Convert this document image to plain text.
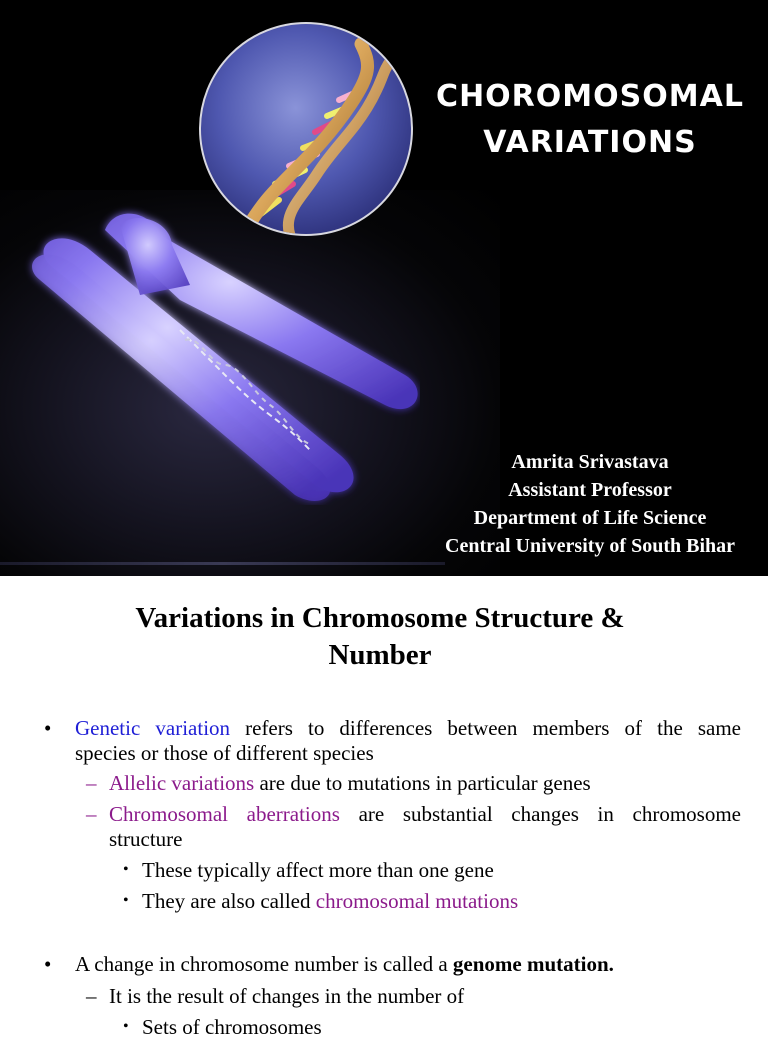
CHOROMOSOMAL
VARIATIONS
Amrita Srivastava
Assistant Professor
Department of Life Science
Central University of South Bihar
Variations in Chromosome Structure &
Number
• Genetic variation refers to differences between members of the same
species or those of different species
– Allelic variations are due to mutations in particular genes
– Chromosomal aberrations are substantial changes in chromosome
structure
• These typically affect more than one gene
• They are also called chromosomal mutations
• A change in chromosome number is called a genome mutation.
– It is the result of changes in the number of
• Sets of chromosomes
